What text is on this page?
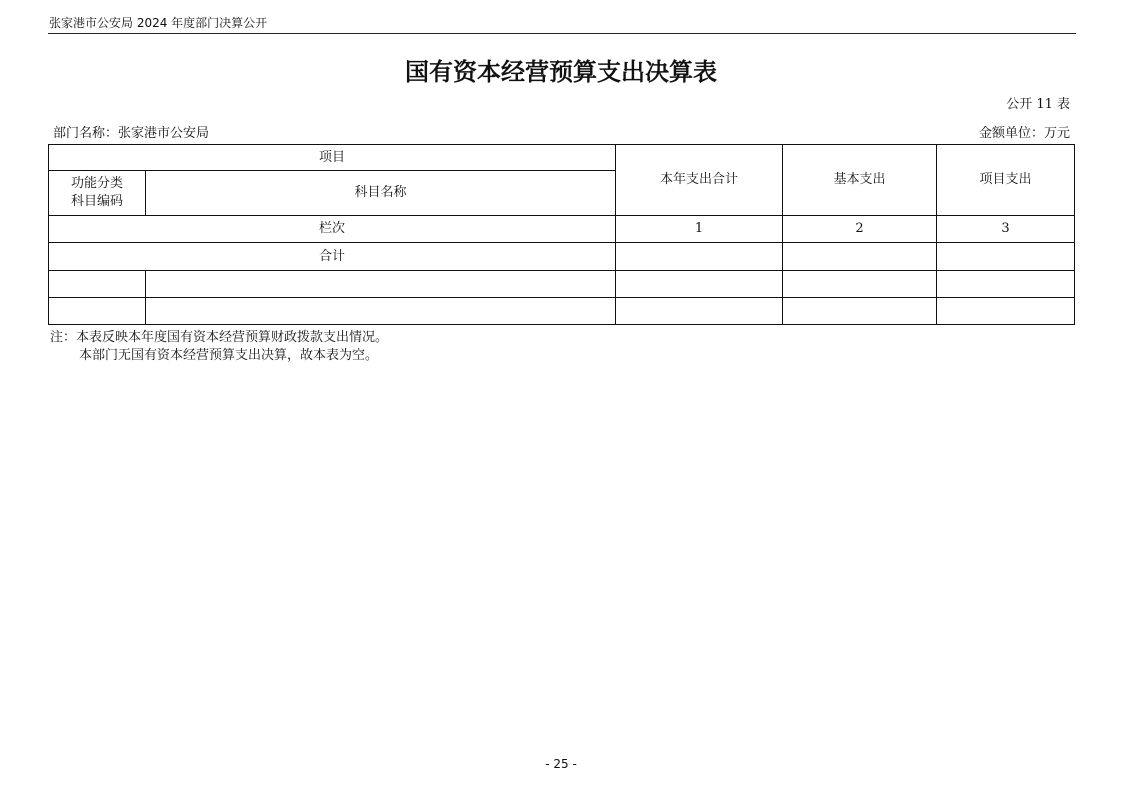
张家港市公安局 2024 年度部门决算公开
国有资本经营预算支出决算表
公开 11 表
部门名称：张家港市公安局	金额单位：万元
项目		本年支出合计	基本支出	项目支出
功能分类
科目编码	科目名称			
栏次		1	2	3
合计				

注：本表反映本年度国有资本经营预算财政拨款支出情况。
本部门无国有资本经营预算支出决算，故本表为空。
- 25 -
